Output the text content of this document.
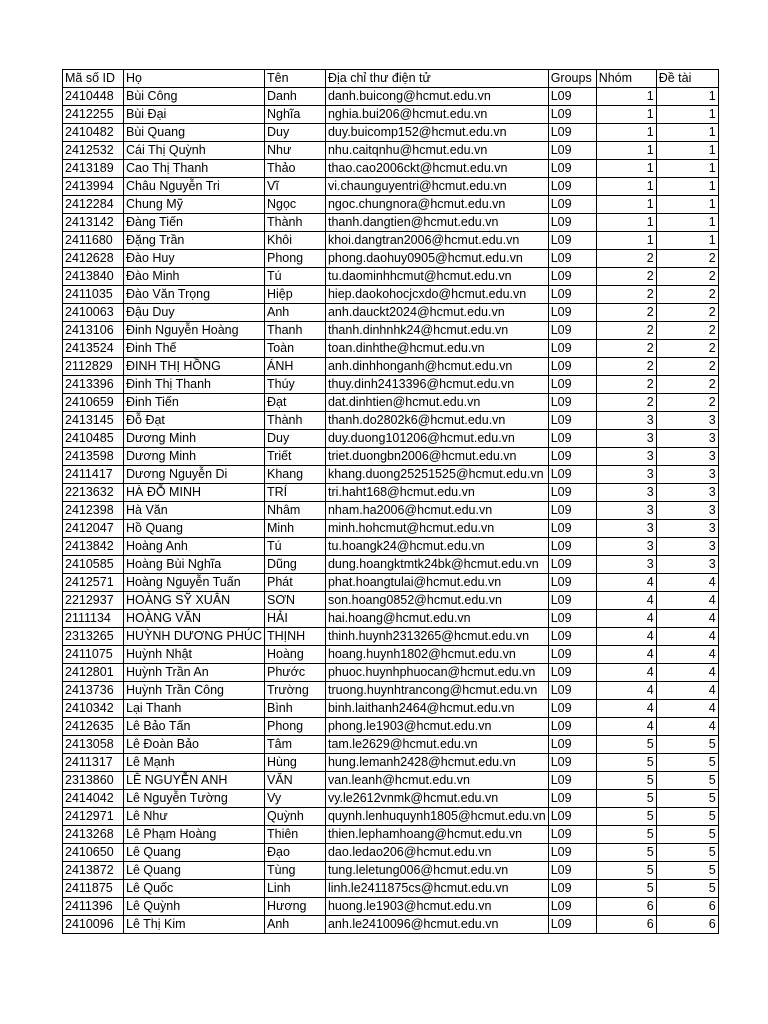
Mã số ID	Họ	Tên	Địa chỉ thư điện tử	Groups	Nhóm	Đề tài
2410448	Bùi Công	Danh	danh.buicong@hcmut.edu.vn	L09	1	1
2412255	Bùi Đại	Nghĩa	nghia.bui206@hcmut.edu.vn	L09	1	1
2410482	Bùi Quang	Duy	duy.buicomp152@hcmut.edu.vn	L09	1	1
2412532	Cái Thị Quỳnh	Như	nhu.caitqnhu@hcmut.edu.vn	L09	1	1
2413189	Cao Thị Thanh	Thảo	thao.cao2006ckt@hcmut.edu.vn	L09	1	1
2413994	Châu Nguyễn Tri	Vĩ	vi.chaunguyentri@hcmut.edu.vn	L09	1	1
2412284	Chung Mỹ	Ngọc	ngoc.chungnora@hcmut.edu.vn	L09	1	1
2413142	Đàng Tiến	Thành	thanh.dangtien@hcmut.edu.vn	L09	1	1
2411680	Đặng Trần	Khôi	khoi.dangtran2006@hcmut.edu.vn	L09	1	1
2412628	Đào Huy	Phong	phong.daohuy0905@hcmut.edu.vn	L09	2	2
2413840	Đào Minh	Tú	tu.daominhhcmut@hcmut.edu.vn	L09	2	2
2411035	Đào Văn Trọng	Hiệp	hiep.daokohocjcxdo@hcmut.edu.vn	L09	2	2
2410063	Đậu Duy	Anh	anh.dauckt2024@hcmut.edu.vn	L09	2	2
2413106	Đinh Nguyễn Hoàng	Thanh	thanh.dinhnhk24@hcmut.edu.vn	L09	2	2
2413524	Đinh Thế	Toàn	toan.dinhthe@hcmut.edu.vn	L09	2	2
2112829	ĐINH THỊ HỒNG	ÁNH	anh.dinhhonganh@hcmut.edu.vn	L09	2	2
2413396	Đinh Thị Thanh	Thúy	thuy.dinh2413396@hcmut.edu.vn	L09	2	2
2410659	Đinh Tiến	Đạt	dat.dinhtien@hcmut.edu.vn	L09	2	2
2413145	Đỗ Đạt	Thành	thanh.do2802k6@hcmut.edu.vn	L09	3	3
2410485	Dương Minh	Duy	duy.duong101206@hcmut.edu.vn	L09	3	3
2413598	Dương Minh	Triết	triet.duongbn2006@hcmut.edu.vn	L09	3	3
2411417	Dương Nguyễn Di	Khang	khang.duong25251525@hcmut.edu.vn	L09	3	3
2213632	HÀ ĐỖ MINH	TRÍ	tri.haht168@hcmut.edu.vn	L09	3	3
2412398	Hà Văn	Nhâm	nham.ha2006@hcmut.edu.vn	L09	3	3
2412047	Hồ Quang	Minh	minh.hohcmut@hcmut.edu.vn	L09	3	3
2413842	Hoàng Anh	Tú	tu.hoangk24@hcmut.edu.vn	L09	3	3
2410585	Hoàng Bùi Nghĩa	Dũng	dung.hoangktmtk24bk@hcmut.edu.vn	L09	3	3
2412571	Hoàng Nguyễn Tuấn	Phát	phat.hoangtulai@hcmut.edu.vn	L09	4	4
2212937	HOÀNG SỸ XUÂN	SƠN	son.hoang0852@hcmut.edu.vn	L09	4	4
2111134	HOÀNG VĂN	HẢI	hai.hoang@hcmut.edu.vn	L09	4	4
2313265	HUỲNH DƯƠNG PHÚC	THỊNH	thinh.huynh2313265@hcmut.edu.vn	L09	4	4
2411075	Huỳnh Nhật	Hoàng	hoang.huynh1802@hcmut.edu.vn	L09	4	4
2412801	Huỳnh Trần An	Phước	phuoc.huynhphuocan@hcmut.edu.vn	L09	4	4
2413736	Huỳnh Trần Công	Trường	truong.huynhtrancong@hcmut.edu.vn	L09	4	4
2410342	Lại Thanh	Bình	binh.laithanh2464@hcmut.edu.vn	L09	4	4
2412635	Lê Bảo Tấn	Phong	phong.le1903@hcmut.edu.vn	L09	4	4
2413058	Lê Đoàn Bảo	Tâm	tam.le2629@hcmut.edu.vn	L09	5	5
2411317	Lê Mạnh	Hùng	hung.lemanh2428@hcmut.edu.vn	L09	5	5
2313860	LÊ NGUYỄN ANH	VĂN	van.leanh@hcmut.edu.vn	L09	5	5
2414042	Lê Nguyễn Tường	Vy	vy.le2612vnmk@hcmut.edu.vn	L09	5	5
2412971	Lê Như	Quỳnh	quynh.lenhuquynh1805@hcmut.edu.vn	L09	5	5
2413268	Lê Phạm Hoàng	Thiên	thien.lephamhoang@hcmut.edu.vn	L09	5	5
2410650	Lê Quang	Đạo	dao.ledao206@hcmut.edu.vn	L09	5	5
2413872	Lê Quang	Tùng	tung.leletung006@hcmut.edu.vn	L09	5	5
2411875	Lê Quốc	Linh	linh.le2411875cs@hcmut.edu.vn	L09	5	5
2411396	Lê Quỳnh	Hương	huong.le1903@hcmut.edu.vn	L09	6	6
2410096	Lê Thị Kim	Anh	anh.le2410096@hcmut.edu.vn	L09	6	6
